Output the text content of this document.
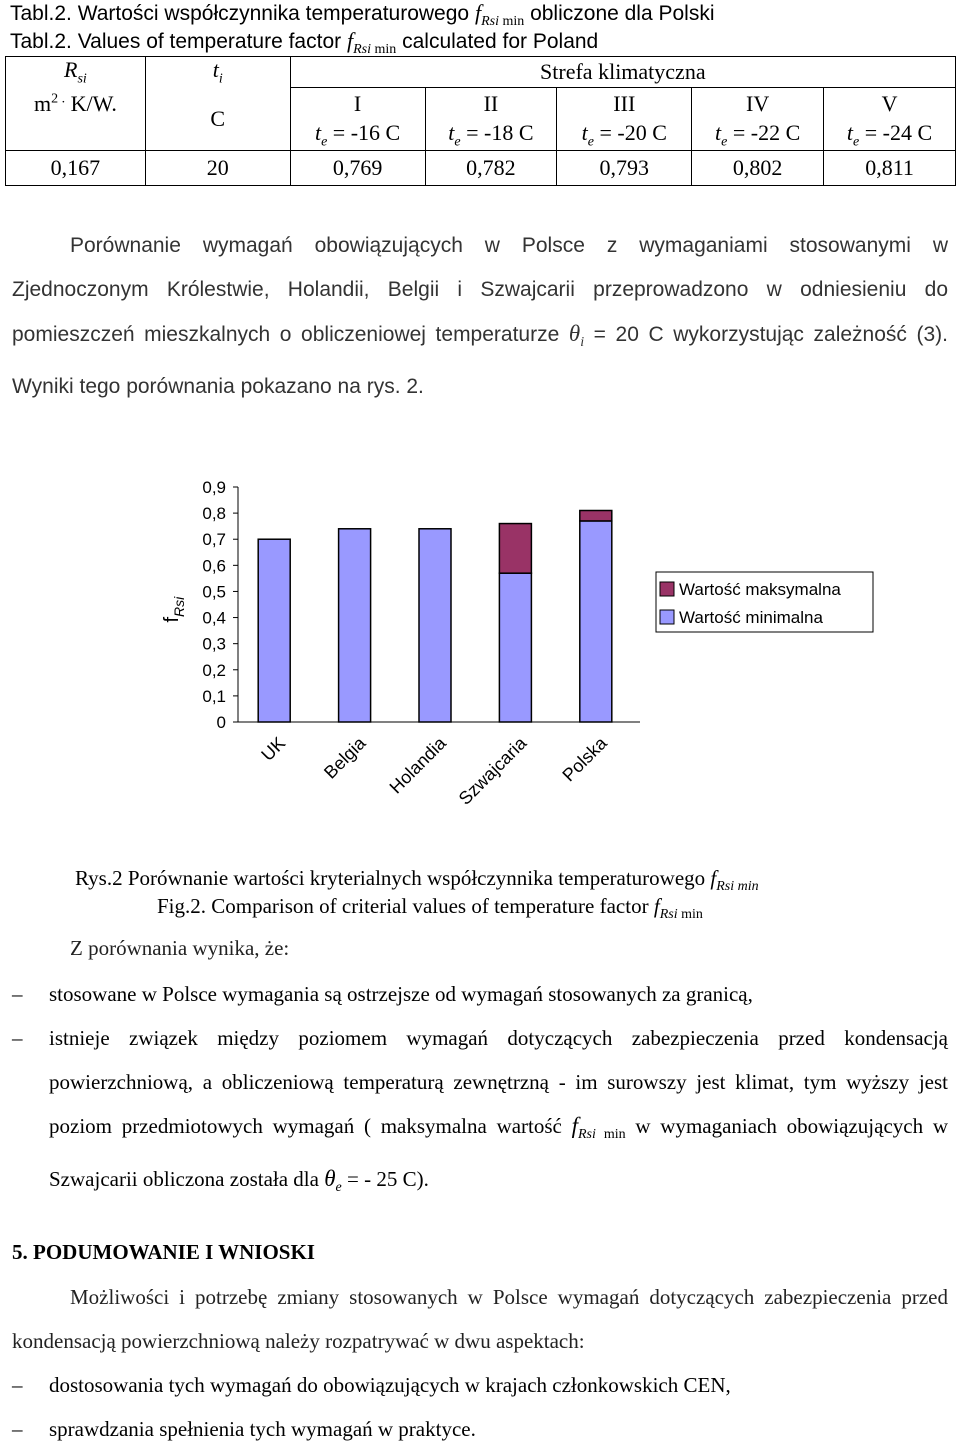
Tabl.2. Wartości współczynnika temperaturowego $f_{Rsi min}$ obliczone dla Polski
Tabl.2. Values of temperature factor $f_{Rsi min}$ calculated for Poland
$R_{si}$	$t_i$	Strefa klimatyczna				
$m^{2 .}$ K/W.	C	I	II	III	IV	V
		$t_e = -16$ C	$t_e = -18$ C	$t_e = -20$ C	$t_e = -22$ C	$t_e = -24$ C
0,167	20	0,769	0,782	0,793	0,802	0,811
Porównanie wymagań obowiązujących w Polsce z wymaganiami stosowanymi w Zjednoczonym Królestwie, Holandii, Belgii i Szwajcarii przeprowadzono w odniesieniu do pomieszczeń mieszkalnych o obliczeniowej temperaturze $\theta_i = 20$ C wykorzystując zależność (3). Wyniki tego porównania pokazano na rys. 2.
0,9
0,8
0,7
0,6
0,5
0,4
0,3
0,2
0,1
0
$f_{Rsi}$
UK Belgia Holandia Szwajcaria Polska
Wartość maksymalna
Wartość minimalna
Rys.2 Porównanie wartości kryterialnych współczynnika temperaturowego $f_{Rsi min}$
Fig.2. Comparison of criterial values of temperature factor $f_{Rsi min}$
Z porównania wynika, że:
– stosowane w Polsce wymagania są ostrzejsze od wymagań stosowanych za granicą,
– istnieje związek między poziomem wymagań dotyczących zabezpieczenia przed kondensacją powierzchniową, a obliczeniową temperaturą zewnętrzną - im surowszy jest klimat, tym wyższy jest poziom przedmiotowych wymagań ( maksymalna wartość $f_{Rsi min}$ w wymaganiach obowiązujących w Szwajcarii obliczona została dla $\theta_e$ = - 25 C).
5. PODUMOWANIE I WNIOSKI
Możliwości i potrzebę zmiany stosowanych w Polsce wymagań dotyczących zabezpieczenia przed kondensacją powierzchniową należy rozpatrywać w dwu aspektach:
– dostosowania tych wymagań do obowiązujących w krajach członkowskich CEN,
– sprawdzania spełnienia tych wymagań w praktyce.
